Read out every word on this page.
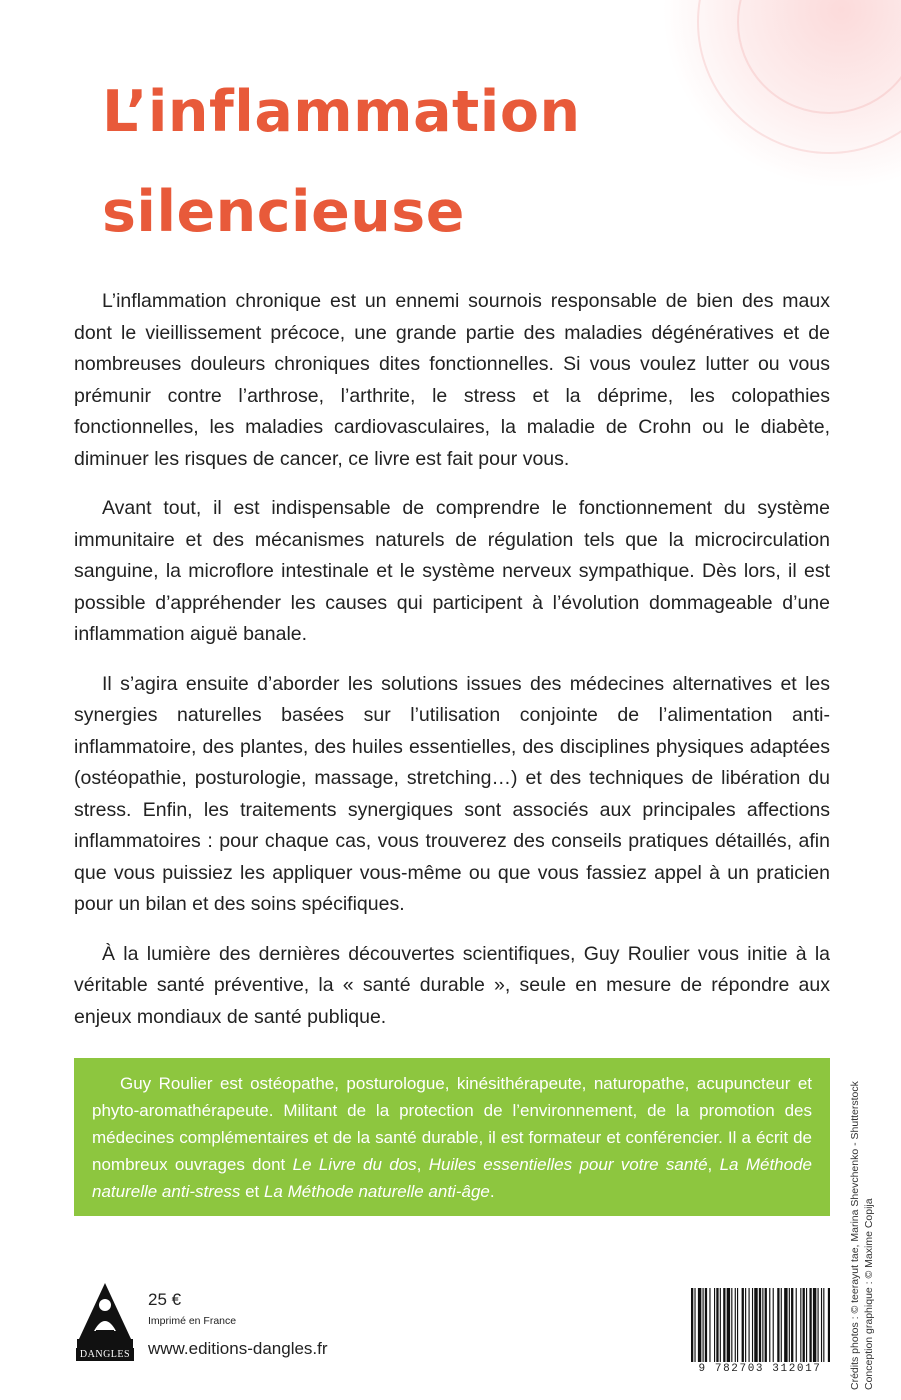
L’inflammation
silencieuse

L’inflammation chronique est un ennemi sournois responsable de bien des maux dont le vieillissement précoce, une grande partie des maladies dégénératives et de nombreuses douleurs chroniques dites fonctionnelles. Si vous voulez lutter ou vous prémunir contre l’arthrose, l’arthrite, le stress et la déprime, les colopathies fonctionnelles, les maladies cardiovasculaires, la maladie de Crohn ou le diabète, diminuer les risques de cancer, ce livre est fait pour vous.

Avant tout, il est indispensable de comprendre le fonctionnement du système immunitaire et des mécanismes naturels de régulation tels que la microcirculation sanguine, la microflore intestinale et le système nerveux sympathique. Dès lors, il est possible d’appréhender les causes qui participent à l’évolution dommageable d’une inflammation aiguë banale.

Il s’agira ensuite d’aborder les solutions issues des médecines alternatives et les synergies naturelles basées sur l’utilisation conjointe de l’alimentation anti-inflammatoire, des plantes, des huiles essentielles, des disciplines physiques adaptées (ostéopathie, posturologie, massage, stretching…) et des techniques de libération du stress. Enfin, les traitements synergiques sont associés aux principales affections inflammatoires : pour chaque cas, vous trouverez des conseils pratiques détaillés, afin que vous puissiez les appliquer vous-même ou que vous fassiez appel à un praticien pour un bilan et des soins spécifiques.

À la lumière des dernières découvertes scientifiques, Guy Roulier vous initie à la véritable santé préventive, la « santé durable », seule en mesure de répondre aux enjeux mondiaux de santé publique.

Guy Roulier est ostéopathe, posturologue, kinésithérapeute, naturopathe, acupuncteur et phyto-aromathérapeute. Militant de la protection de l’environnement, de la promotion des médecines complémentaires et de la santé durable, il est formateur et conférencier. Il a écrit de nombreux ouvrages dont Le Livre du dos, Huiles essentielles pour votre santé, La Méthode naturelle anti-stress et La Méthode naturelle anti-âge.	Crédits photos : © teerayut tae, Marina Shevchenko - Shutterstock Conception graphique : © Maxime Copija
DANGLES
25 €
Imprimé en France
www.editions-dangles.fr
9 782703 312017
